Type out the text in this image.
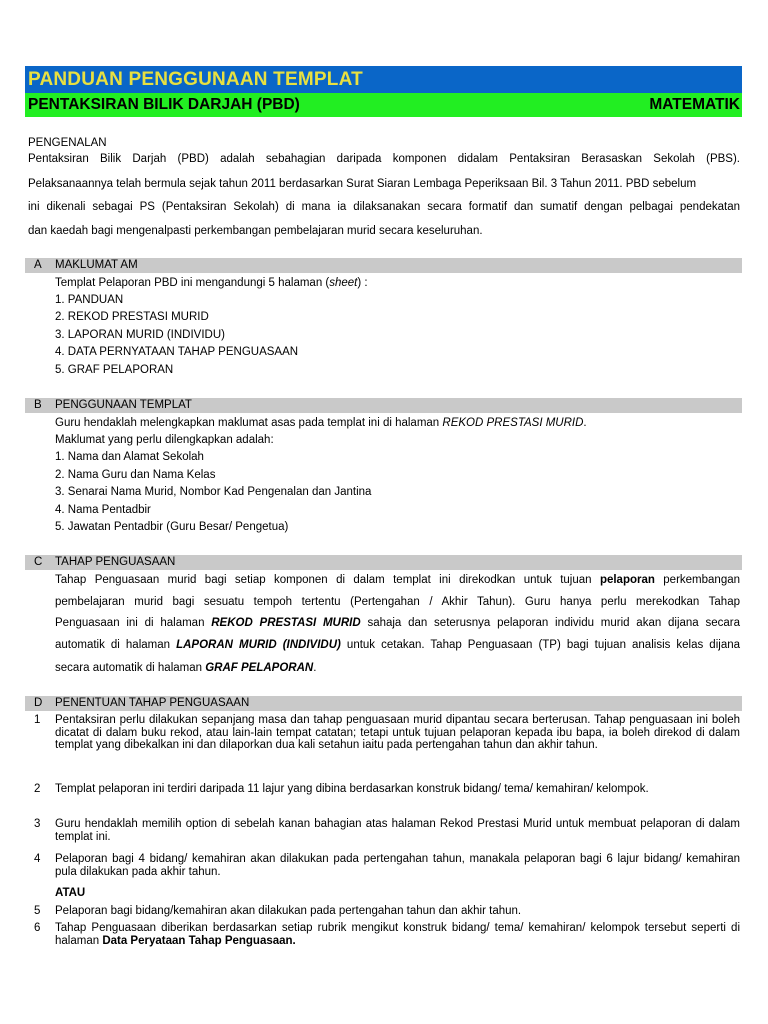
PANDUAN PENGGUNAAN TEMPLAT
PENTAKSIRAN BILIK DARJAH (PBD)	MATEMATIK
PENGENALAN
Pentaksiran Bilik Darjah (PBD) adalah sebahagian daripada komponen didalam Pentaksiran Berasaskan Sekolah (PBS).
Pelaksanaannya telah bermula sejak tahun 2011 berdasarkan Surat Siaran Lembaga Peperiksaan Bil. 3 Tahun 2011. PBD sebelum
ini dikenali sebagai PS (Pentaksiran Sekolah) di mana ia dilaksanakan secara formatif dan sumatif dengan pelbagai pendekatan
dan kaedah bagi mengenalpasti perkembangan pembelajaran murid secara keseluruhan.
A MAKLUMAT AM
Templat Pelaporan PBD ini mengandungi 5 halaman (sheet) :
1. PANDUAN
2. REKOD PRESTASI MURID
3. LAPORAN MURID (INDIVIDU)
4. DATA PERNYATAAN TAHAP PENGUASAAN
5. GRAF PELAPORAN
B PENGGUNAAN TEMPLAT
Guru hendaklah melengkapkan maklumat asas pada templat ini di halaman REKOD PRESTASI MURID.
Maklumat yang perlu dilengkapkan adalah:
1. Nama dan Alamat Sekolah
2. Nama Guru dan Nama Kelas
3. Senarai Nama Murid, Nombor Kad Pengenalan dan Jantina
4. Nama Pentadbir
5. Jawatan Pentadbir (Guru Besar/ Pengetua)
C TAHAP PENGUASAAN
Tahap Penguasaan murid bagi setiap komponen di dalam templat ini direkodkan untuk tujuan pelaporan perkembangan
pembelajaran murid bagi sesuatu tempoh tertentu (Pertengahan / Akhir Tahun). Guru hanya perlu merekodkan Tahap
Penguasaan ini di halaman REKOD PRESTASI MURID sahaja dan seterusnya pelaporan individu murid akan dijana secara
automatik di halaman LAPORAN MURID (INDIVIDU) untuk cetakan. Tahap Penguasaan (TP) bagi tujuan analisis kelas dijana
secara automatik di halaman GRAF PELAPORAN.
D PENENTUAN TAHAP PENGUASAAN
1 Pentaksiran perlu dilakukan sepanjang masa dan tahap penguasaan murid dipantau secara berterusan. Tahap penguasaan ini boleh dicatat di dalam buku rekod, atau lain-lain tempat catatan; tetapi untuk tujuan pelaporan kepada ibu bapa, ia boleh direkod di dalam templat yang dibekalkan ini dan dilaporkan dua kali setahun iaitu pada pertengahan tahun dan akhir tahun.
2 Templat pelaporan ini terdiri daripada 11 lajur yang dibina berdasarkan konstruk bidang/ tema/ kemahiran/ kelompok.
3 Guru hendaklah memilih option di sebelah kanan bahagian atas halaman Rekod Prestasi Murid untuk membuat pelaporan di dalam templat ini.
4 Pelaporan bagi 4 bidang/ kemahiran akan dilakukan pada pertengahan tahun, manakala pelaporan bagi 6 lajur bidang/ kemahiran pula dilakukan pada akhir tahun.
ATAU
5 Pelaporan bagi bidang/kemahiran akan dilakukan pada pertengahan tahun dan akhir tahun.
6 Tahap Penguasaan diberikan berdasarkan setiap rubrik mengikut konstruk bidang/ tema/ kemahiran/ kelompok tersebut seperti di halaman Data Peryataan Tahap Penguasaan.
